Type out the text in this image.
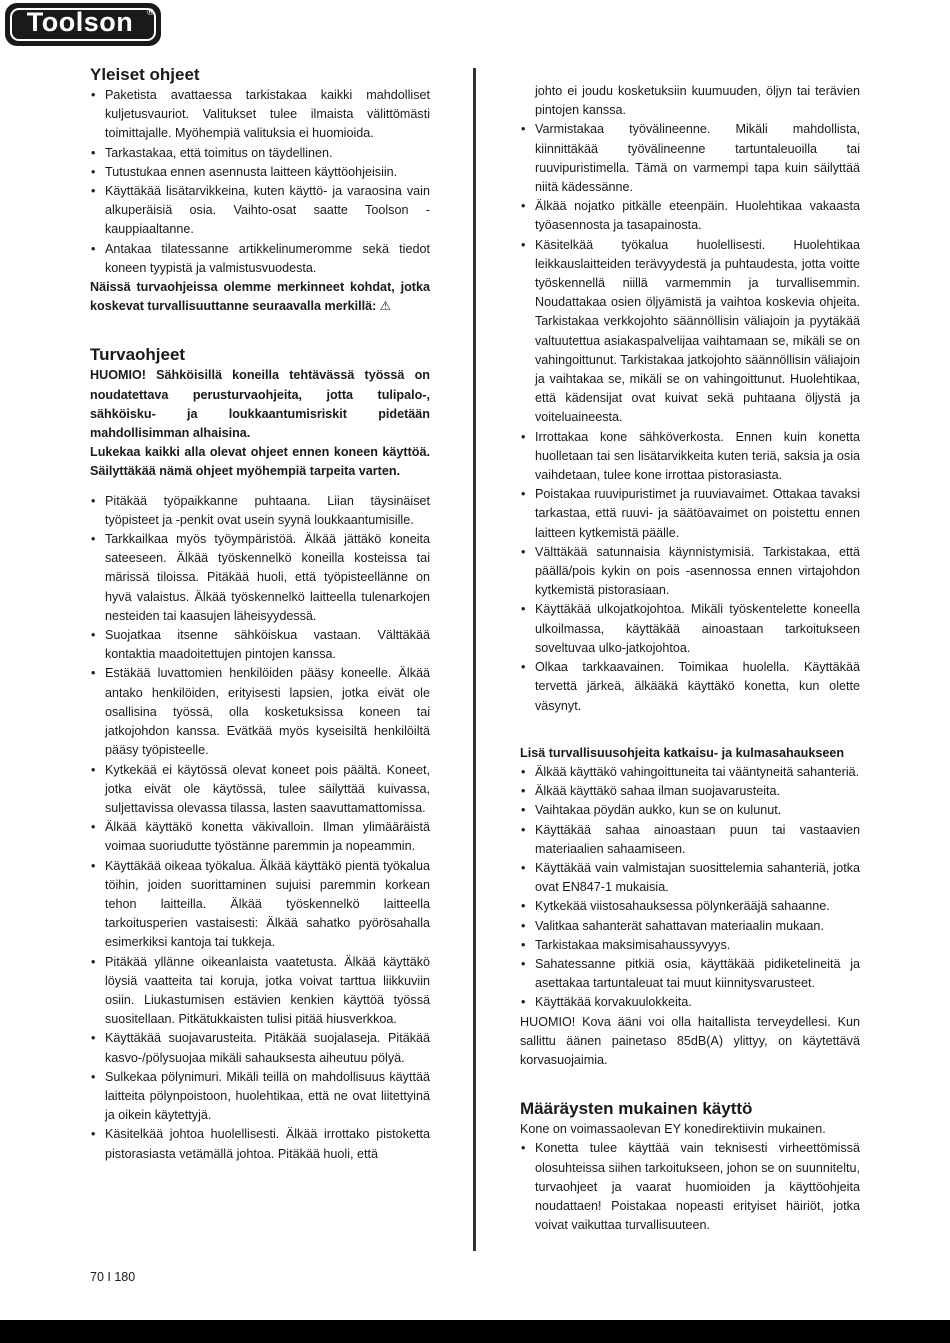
Toolson	®
Yleiset ohjeet
• Paketista avattaessa tarkistakaa kaikki mahdolliset kuljetusvauriot. Valitukset tulee ilmaista välittömästi toimittajalle. Myöhempiä valituksia ei huomioida.
• Tarkastakaa, että toimitus on täydellinen.
• Tutustukaa ennen asennusta laitteen käyttöohjeisiin.
• Käyttäkää lisätarvikkeina, kuten käyttö- ja varaosina vain alkuperäisiä osia. Vaihto-osat saatte Toolson -kauppiaaltanne.
• Antakaa tilatessanne artikkelinumeromme sekä tiedot koneen tyypistä ja valmistusvuodesta.

Näissä turvaohjeissa olemme merkinneet kohdat, jotka koskevat turvallisuuttanne seuraavalla merkillä: ⚠

Turvaohjeet

HUOMIO! Sähköisillä koneilla tehtävässä työssä on noudatettava perusturvaohjeita, jotta tulipalo-, sähköisku- ja loukkaantumisriskit pidetään mahdollisimman alhaisina.

Lukekaa kaikki alla olevat ohjeet ennen koneen käyttöä. Säilyttäkää nämä ohjeet myöhempiä tarpeita varten.

• Pitäkää työpaikkanne puhtaana. Liian täysinäiset työpisteet ja -penkit ovat usein syynä loukkaantumisille.
• Tarkkailkaa myös työympäristöä. Älkää jättäkö koneita sateeseen. Älkää työskennelkö koneilla kosteissa tai märissä tiloissa. Pitäkää huoli, että työpisteellänne on hyvä valaistus. Älkää työskennelkö laitteella tulenarkojen nesteiden tai kaasujen läheisyydessä.
• Suojatkaa itsenne sähköiskua vastaan. Välttäkää kontaktia maadoitettujen pintojen kanssa.
• Estäkää luvattomien henkilöiden pääsy koneelle. Älkää antako henkilöiden, erityisesti lapsien, jotka eivät ole osallisina työssä, olla kosketuksissa koneen tai jatkojohdon kanssa. Evätkää myös kyseisiltä henkilöiltä pääsy työpisteelle.
• Kytkekää ei käytössä olevat koneet pois päältä. Koneet, jotka eivät ole käytössä, tulee säilyttää kuivassa, suljettavissa olevassa tilassa, lasten saavuttamattomissa.
• Älkää käyttäkö konetta väkivalloin. Ilman ylimääräistä voimaa suoriudutte työstänne paremmin ja nopeammin.
• Käyttäkää oikeaa työkalua. Älkää käyttäkö pientä työkalua töihin, joiden suorittaminen sujuisi paremmin korkean tehon laitteilla. Älkää työskennelkö laitteella tarkoitusperien vastaisesti: Älkää sahatko pyörösahalla esimerkiksi kantoja tai tukkeja.
• Pitäkää yllänne oikeanlaista vaatetusta. Älkää käyttäkö löysiä vaatteita tai koruja, jotka voivat tarttua liikkuviin osiin. Liukastumisen estävien kenkien käyttöä työssä suositellaan. Pitkätukkaisten tulisi pitää hiusverkkoa.
• Käyttäkää suojavarusteita. Pitäkää suojalaseja. Pitäkää kasvo-/pölysuojaa mikäli sahauksesta aiheutuu pölyä.
• Sulkekaa pölynimuri. Mikäli teillä on mahdollisuus käyttää laitteita pölynpoistoon, huolehtikaa, että ne ovat liitettyinä ja oikein käytettyjä.
• Käsitelkää johtoa huolellisesti. Älkää irrottako pistoketta pistorasiasta vetämällä johtoa. Pitäkää huoli, että

johto ei joudu kosketuksiin kuumuuden, öljyn tai terävien pintojen kanssa.

• Varmistakaa työvälineenne. Mikäli mahdollista, kiinnittäkää työvälineenne tartuntaleuoilla tai ruuvipuristimella. Tämä on varmempi tapa kuin säilyttää niitä kädessänne.
• Älkää nojatko pitkälle eteenpäin. Huolehtikaa vakaasta työasennosta ja tasapainosta.
• Käsitelkää työkalua huolellisesti. Huolehtikaa leikkauslaitteiden terävyydestä ja puhtaudesta, jotta voitte työskennellä niillä varmemmin ja turvallisemmin. Noudattakaa osien öljyämistä ja vaihtoa koskevia ohjeita. Tarkistakaa verkkojohto säännöllisin väliajoin ja pyytäkää valtuutettua asiakaspalvelijaa vaihtamaan se, mikäli se on vahingoittunut. Tarkistakaa jatkojohto säännöllisin väliajoin ja vaihtakaa se, mikäli se on vahingoittunut. Huolehtikaa, että kädensijat ovat kuivat sekä puhtaana öljystä ja voiteluaineesta.
• Irrottakaa kone sähköverkosta. Ennen kuin konetta huolletaan tai sen lisätarvikkeita kuten teriä, saksia ja osia vaihdetaan, tulee kone irrottaa pistorasiasta.
• Poistakaa ruuvipuristimet ja ruuviavaimet. Ottakaa tavaksi tarkastaa, että ruuvi- ja säätöavaimet on poistettu ennen laitteen kytkemistä päälle.
• Välttäkää satunnaisia käynnistymisiä. Tarkistakaa, että päällä/pois kykin on pois -asennossa ennen virtajohdon kytkemistä pistorasiaan.
• Käyttäkää ulkojatkojohtoa. Mikäli työskentelette koneella ulkoilmassa, käyttäkää ainoastaan tarkoitukseen soveltuvaa ulko-jatkojohtoa.
• Olkaa tarkkaavainen. Toimikaa huolella. Käyttäkää tervettä järkeä, älkääkä käyttäkö konetta, kun olette väsynyt.

Lisä turvallisuusohjeita katkaisu- ja kulmasahaukseen

• Älkää käyttäkö vahingoittuneita tai vääntyneitä sahanteriä.
• Älkää käyttäkö sahaa ilman suojavarusteita.
• Vaihtakaa pöydän aukko, kun se on kulunut.
• Käyttäkää sahaa ainoastaan puun tai vastaavien materiaalien sahaamiseen.
• Käyttäkää vain valmistajan suosittelemia sahanteriä, jotka ovat EN847-1 mukaisia.
• Kytkekää viistosahauksessa pölynkerääjä sahaanne.
• Valitkaa sahanterät sahattavan materiaalin mukaan.
• Tarkistakaa maksimisahaussyvyys.
• Sahatessanne pitkiä osia, käyttäkää pidiketelineitä ja asettakaa tartuntaleuat tai muut kiinnitysvarusteet.
• Käyttäkää korvakuulokkeita.

HUOMIO! Kova ääni voi olla haitallista terveydellesi. Kun sallittu äänen painetaso 85dB(A) ylittyy, on käytettävä korvasuojaimia.

Määräysten mukainen käyttö

Kone on voimassaolevan EY konedirektiivin mukainen.

• Konetta tulee käyttää vain teknisesti virheettömissä olosuhteissa siihen tarkoitukseen, johon se on suunniteltu, turvaohjeet ja vaarat huomioiden ja käyttöohjeita noudattaen! Poistakaa nopeasti erityiset häiriöt, jotka voivat vaikuttaa turvallisuuteen.
70 I 180
